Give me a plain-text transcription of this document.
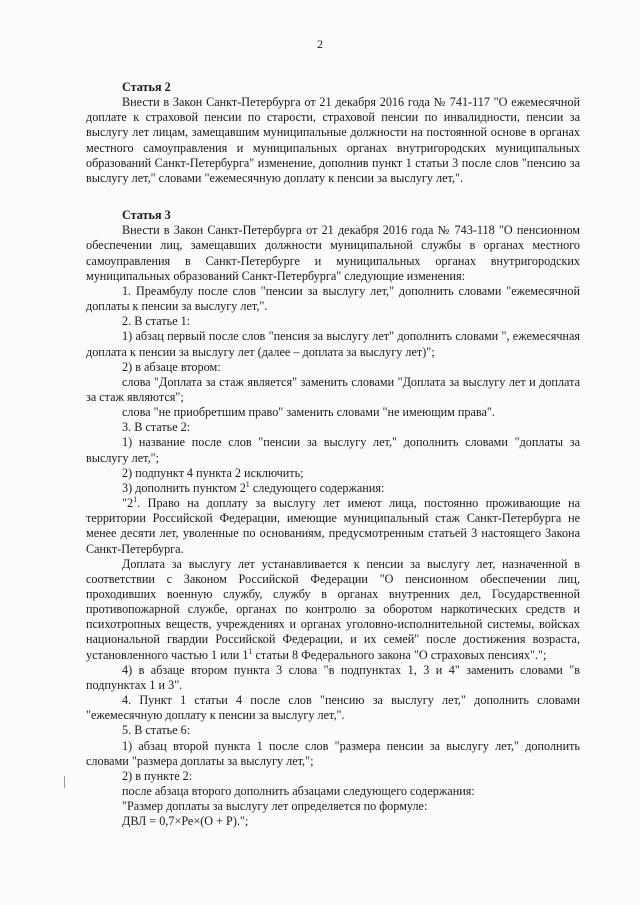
2

Статья 2

Внести в Закон Санкт-Петербурга от 21 декабря 2016 года № 741-117 "О ежемесячной доплате к страховой пенсии по старости, страховой пенсии по инвалидности, пенсии за выслугу лет лицам, замещавшим муниципальные должности на постоянной основе в органах местного самоуправления и муниципальных органах внутригородских муниципальных образований Санкт-Петербурга" изменение, дополнив пункт 1 статьи 3 после слов "пенсию за выслугу лет," словами "ежемесячную доплату к пенсии за выслугу лет,".

Статья 3

Внести в Закон Санкт-Петербурга от 21 декабря 2016 года № 743-118 "О пенсионном обеспечении лиц, замещавших должности муниципальной службы в органах местного самоуправления в Санкт-Петербурге и муниципальных органах внутригородских муниципальных образований Санкт-Петербурга" следующие изменения:

1. Преамбулу после слов "пенсии за выслугу лет," дополнить словами "ежемесячной доплаты к пенсии за выслугу лет,".

2. В статье 1:

1) абзац первый после слов "пенсия за выслугу лет" дополнить словами ", ежемесячная доплата к пенсии за выслугу лет (далее – доплата за выслугу лет)";

2) в абзаце втором:

слова "Доплата за стаж является" заменить словами "Доплата за выслугу лет и доплата за стаж являются";

слова "не приобретшим право" заменить словами "не имеющим права".

3. В статье 2:

1) название после слов "пенсии за выслугу лет," дополнить словами "доплаты за выслугу лет,";

2) подпункт 4 пункта 2 исключить;

3) дополнить пунктом $2^1$ следующего содержания:

"$2^1$. Право на доплату за выслугу лет имеют лица, постоянно проживающие на территории Российской Федерации, имеющие муниципальный стаж Санкт-Петербурга не менее десяти лет, уволенные по основаниям, предусмотренным статьей 3 настоящего Закона Санкт-Петербурга.

Доплата за выслугу лет устанавливается к пенсии за выслугу лет, назначенной в соответствии с Законом Российской Федерации "О пенсионном обеспечении лиц, проходивших военную службу, службу в органах внутренних дел, Государственной противопожарной службе, органах по контролю за оборотом наркотических средств и психотропных веществ, учреждениях и органах уголовно-исполнительной системы, войсках национальной гвардии Российской Федерации, и их семей" после достижения возраста, установленного частью 1 или $1^1$ статьи 8 Федерального закона "О страховых пенсиях".";

4) в абзаце втором пункта 3 слова "в подпунктах 1, 3 и 4" заменить словами "в подпунктах 1 и 3".

4. Пункт 1 статьи 4 после слов "пенсию за выслугу лет," дополнить словами "ежемесячную доплату к пенсии за выслугу лет,".

5. В статье 6:

1) абзац второй пункта 1 после слов "размера пенсии за выслугу лет," дополнить словами "размера доплаты за выслугу лет,";

2) в пункте 2:

после абзаца второго дополнить абзацами следующего содержания:

"Размер доплаты за выслугу лет определяется по формуле:

ДВЛ = 0,7×Ре×(О + Р).";
